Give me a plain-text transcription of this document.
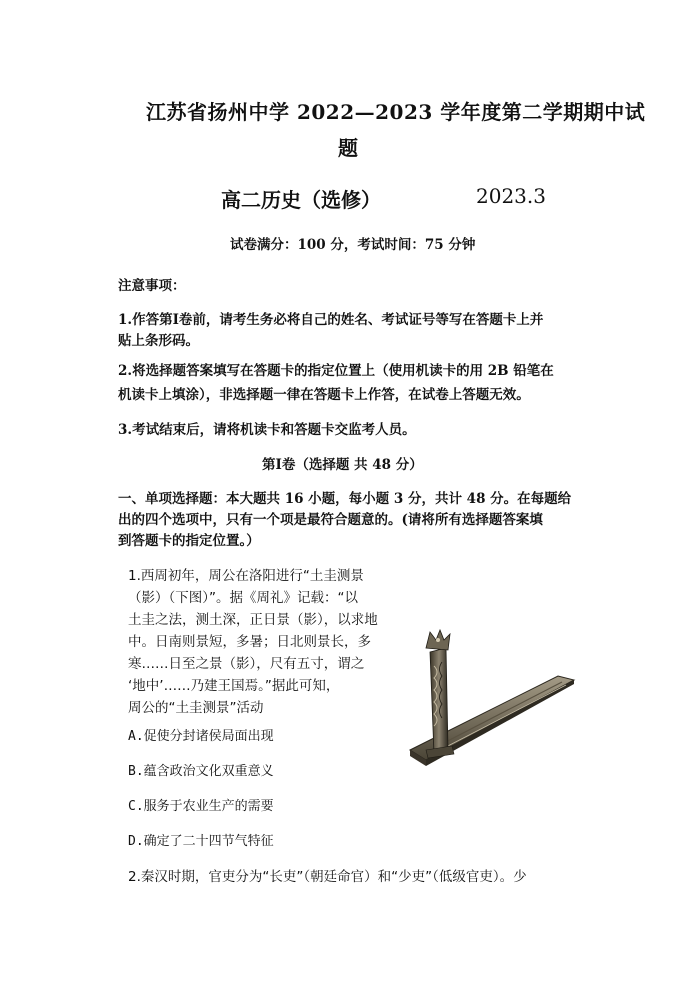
江苏省扬州中学 2022—2023 学年度第二学期期中试
题
高二历史（选修）	2023.3
试卷满分：100 分，考试时间：75 分钟
注意事项：
1.作答第Ⅰ卷前，请考生务必将自己的姓名、考试证号等写在答题卡上并
贴上条形码。
2.将选择题答案填写在答题卡的指定位置上（使用机读卡的用 2B 铅笔在
机读卡上填涂），非选择题一律在答题卡上作答，在试卷上答题无效。
3.考试结束后，请将机读卡和答题卡交监考人员。
第Ⅰ卷（选择题 共 48 分）
一、单项选择题：本大题共 16 小题，每小题 3 分，共计 48 分。在每题给
出的四个选项中，只有一个项是最符合题意的。(请将所有选择题答案填
到答题卡的指定位置。）
1.西周初年，周公在洛阳进行“土圭测景
（影）（下图）”。据《周礼》记载：“以
土圭之法，测土深，正日景（影），以求地
中。日南则景短，多暑；日北则景长，多
寒……日至之景（影），尺有五寸，谓之
‘地中’……乃建王国焉。”据此可知，
周公的“土圭测景”活动
A.促使分封诸侯局面出现
B.蕴含政治文化双重意义
C.服务于农业生产的需要
D.确定了二十四节气特征
2.秦汉时期，官吏分为“长吏”（朝廷命官）和“少吏”（低级官吏）。少
